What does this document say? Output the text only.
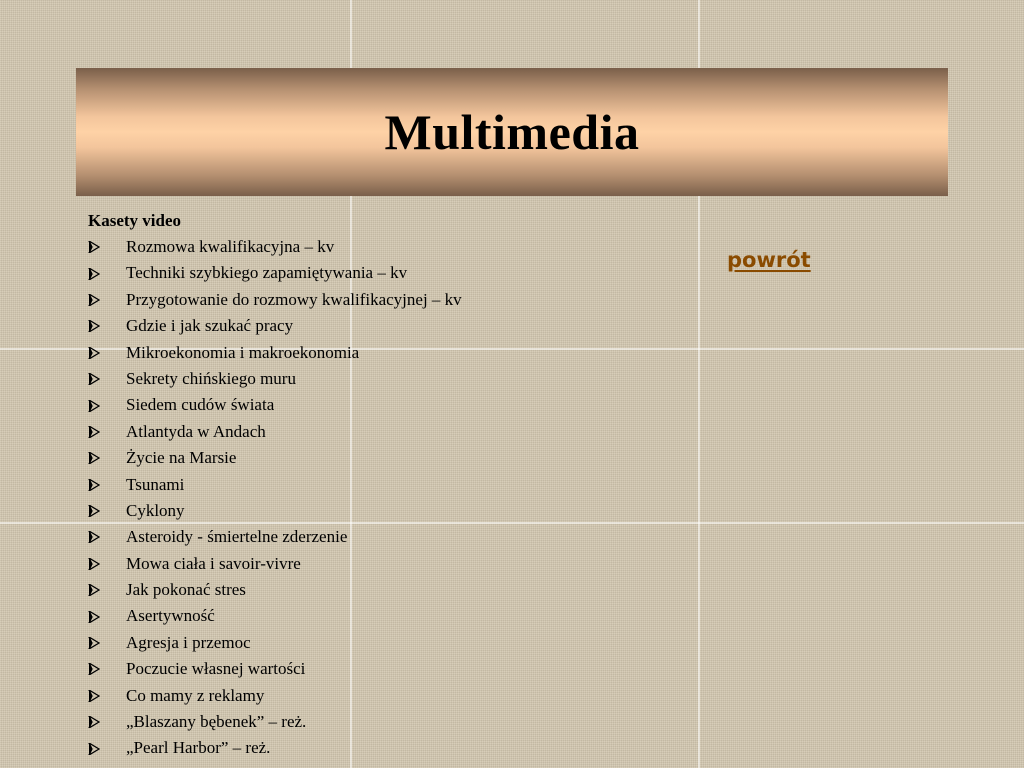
Multimedia

Kasety video

Rozmowa kwalifikacyjna – kv
Techniki szybkiego zapamiętywania – kv
Przygotowanie do rozmowy kwalifikacyjnej – kv
Gdzie i jak szukać pracy
Mikroekonomia i makroekonomia
Sekrety chińskiego muru
Siedem cudów świata
Atlantyda w Andach
Życie na Marsie
Tsunami
Cyklony
Asteroidy - śmiertelne zderzenie
Mowa ciała i savoir-vivre
Jak pokonać stres
Asertywność
Agresja i przemoc
Poczucie własnej wartości
Co mamy z reklamy
„Blaszany bębenek” – reż.
„Pearl Harbor” – reż.
powrót
